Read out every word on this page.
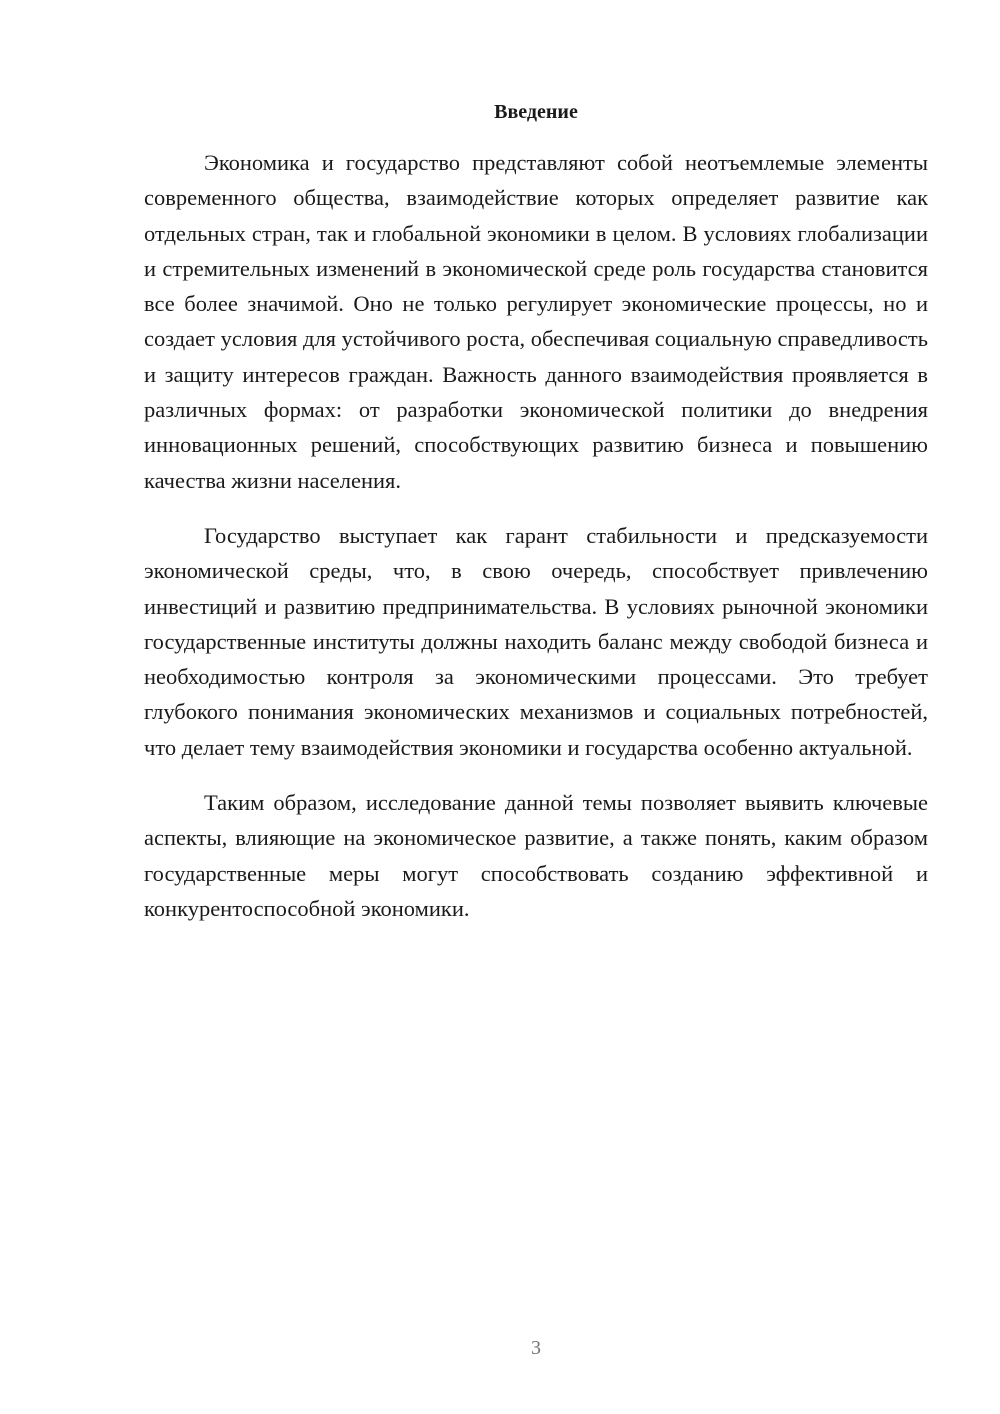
Введение

Экономика и государство представляют собой неотъемлемые элементы современного общества, взаимодействие которых определяет развитие как отдельных стран, так и глобальной экономики в целом. В условиях глобализации и стремительных изменений в экономической среде роль государства становится все более значимой. Оно не только регулирует экономические процессы, но и создает условия для устойчивого роста, обеспечивая социальную справедливость и защиту интересов граждан. Важность данного взаимодействия проявляется в различных формах: от разработки экономической политики до внедрения инновационных решений, способствующих развитию бизнеса и повышению качества жизни населения.

Государство выступает как гарант стабильности и предсказуемости экономической среды, что, в свою очередь, способствует привлечению инвестиций и развитию предпринимательства. В условиях рыночной экономики государственные институты должны находить баланс между свободой бизнеса и необходимостью контроля за экономическими процессами. Это требует глубокого понимания экономических механизмов и социальных потребностей, что делает тему взаимодействия экономики и государства особенно актуальной.

Таким образом, исследование данной темы позволяет выявить ключевые аспекты, влияющие на экономическое развитие, а также понять, каким образом государственные меры могут способствовать созданию эффективной и конкурентоспособной экономики.

3
